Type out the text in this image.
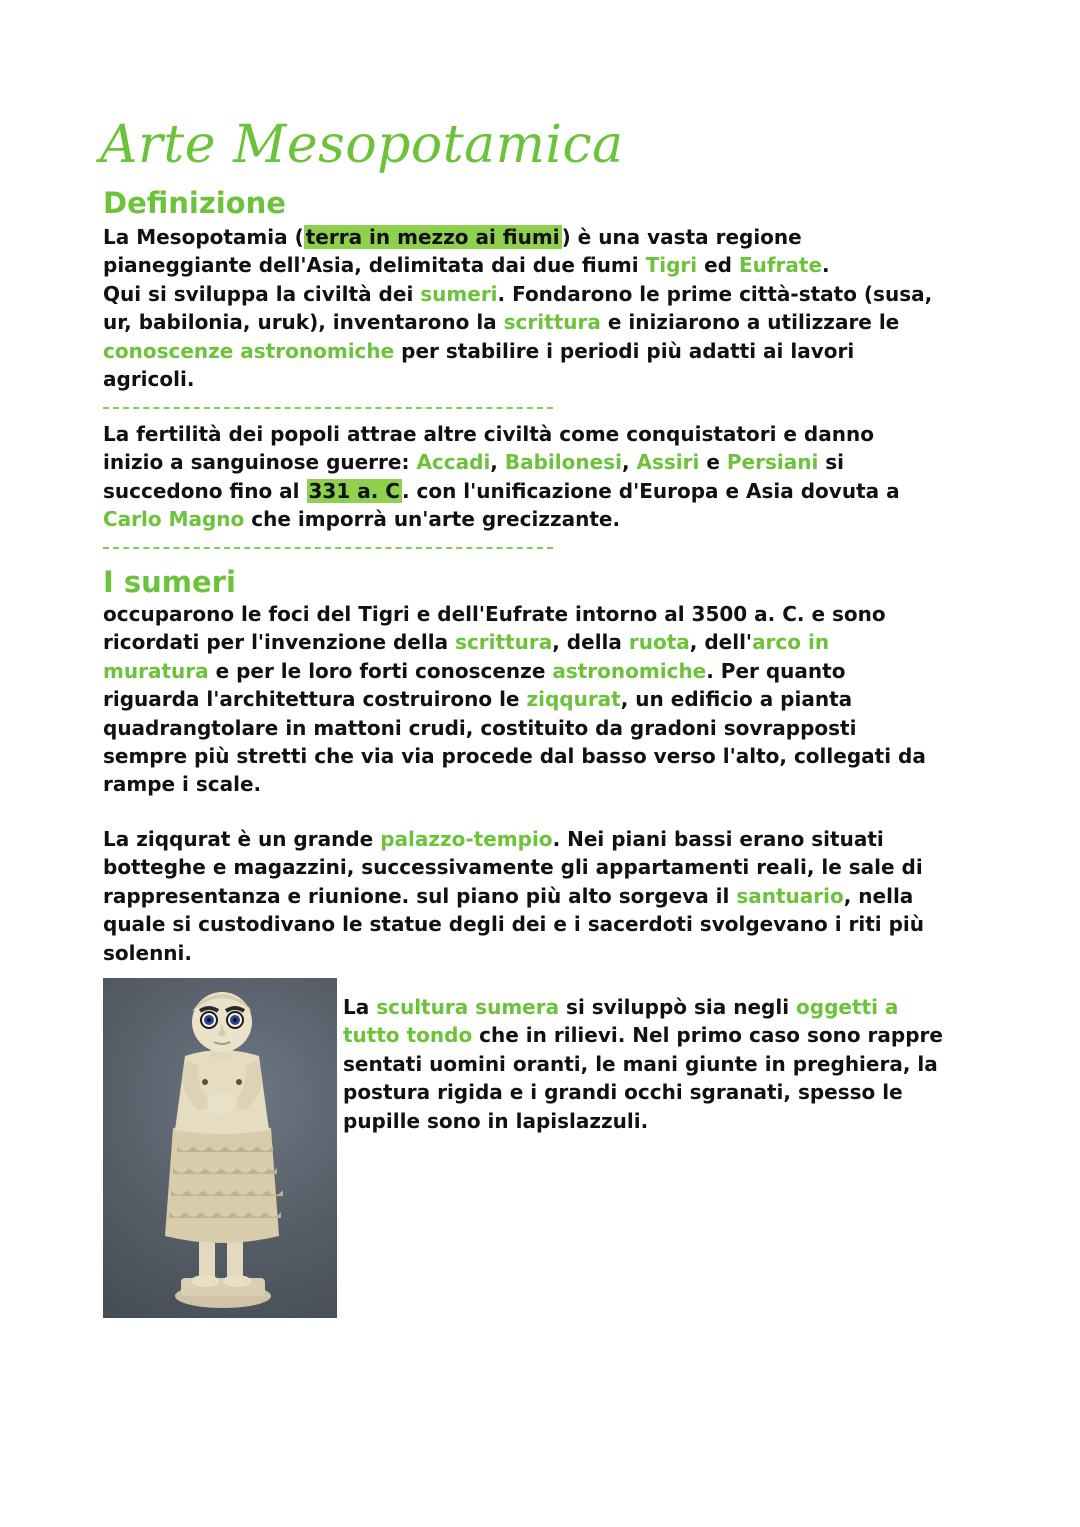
Arte Mesopotamica
Definizione
La Mesopotamia ( terra in mezzo ai fiumi ) è una vasta regione
pianeggiante dell'Asia, delimitata dai due fiumi Tigri ed Eufrate.
Qui si sviluppa la civiltà dei sumeri. Fondarono le prime città-stato (susa,
ur, babilonia, uruk), inventarono la scrittura e iniziarono a utilizzare le
conoscenze astronomiche per stabilire i periodi più adatti ai lavori
agricoli.
La fertilità dei popoli attrae altre civiltà come conquistatori e danno
inizio a sanguinose guerre: Accadi, Babilonesi, Assiri e Persiani si
succedono fino al 331 a. C . con l'unificazione d'Europa e Asia dovuta a
Carlo Magno che imporrà un'arte grecizzante.
I sumeri
occuparono le foci del Tigri e dell'Eufrate intorno al 3500 a. C. e sono
ricordati per l'invenzione della scrittura, della ruota, dell'arco in
muratura e per le loro forti conoscenze astronomiche. Per quanto
riguarda l'architettura costruirono le ziqqurat, un edificio a pianta
quadrangtolare in mattoni crudi, costituito da gradoni sovrapposti
sempre più stretti che via via procede dal basso verso l'alto, collegati da
rampe i scale.
La ziqqurat è un grande palazzo-tempio. Nei piani bassi erano situati
botteghe e magazzini, successivamente gli appartamenti reali, le sale di
rappresentanza e riunione. sul piano più alto sorgeva il santuario, nella
quale si custodivano le statue degli dei e i sacerdoti svolgevano i riti più
solenni.
La scultura sumera si sviluppò sia negli oggetti a
tutto tondo che in rilievi. Nel primo caso sono rappre
sentati uomini oranti, le mani giunte in preghiera, la
postura rigida e i grandi occhi sgranati, spesso le
pupille sono in lapislazzuli.
